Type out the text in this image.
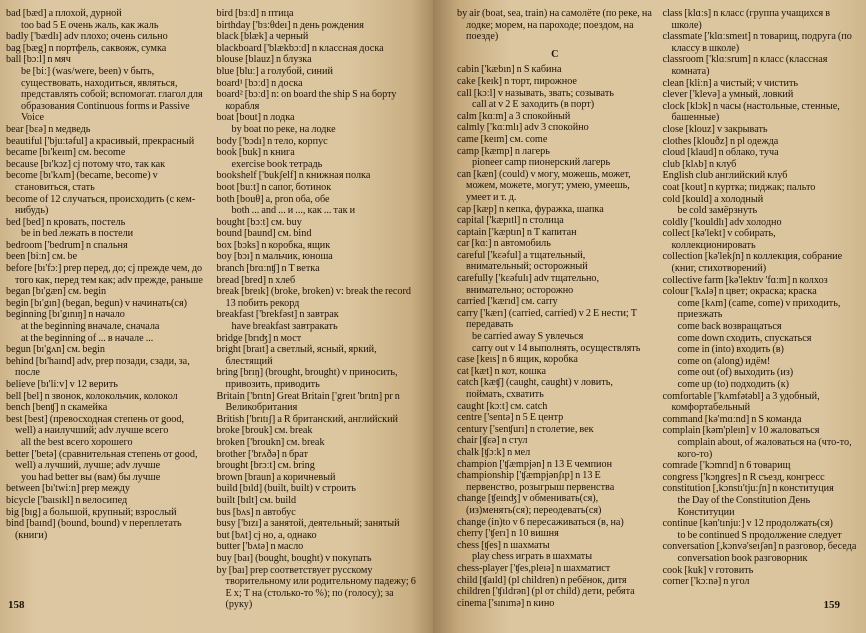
bad [bæd] a плохой, дурной

too bad 5 Е очень жаль, как жаль

badly ['bædlı] adv плохо; очень сильно

bag [bæg] n портфель, саквояж, сумка

ball [bɔːl] n мяч

be [biː] (was/were, been) v быть, существовать, находиться, являться, представлять собой; вспомогат. глагол для образования Continuous forms и Passive Voice

bear [bɛə] n медведь

beautiful ['bjuːtəful] a красивый, прекрасный

became [bı'keım] см. become

because [bı'kɔz] cj потому что, так как

become [bı'kʌm] (became, become) v становиться, стать

become of 12 случаться, происходить (с кем-нибудь)

bed [bed] n кровать, постель

be in bed лежать в постели

bedroom ['bedrum] n спальня

been [biːn] см. be

before [bı'fɔː] prep перед, до; cj прежде чем, до того как, перед тем как; adv прежде, раньше

began [bı'gæn] см. begin

begin [bı'gın] (began, begun) v начинать(ся)

beginning [bı'gınıŋ] n начало

at the beginning вначале, сначала

at the beginning of ... в начале ...

begun [bı'gʌn] см. begin

behind [bı'haınd] adv, prep позади, сзади, за, после

believe [bı'liːv] v 12 верить

bell [bel] n звонок, колокольчик, колокол

bench [benʧ] n скамейка

best [best] (превосходная степень от good, well) a наилучший; adv лучше всего

all the best всего хорошего

better ['betə] (сравнительная степень от good, well) a лучший, лучше; adv лучше

you had better вы (вам) бы лучше

between [bı'twiːn] prep между

bicycle ['baısıkl] n велосипед

big [bıg] a большой, крупный; взрослый

bind [baınd] (bound, bound) v переплетать (книги)

bird [bɜːd] n птица

birthday ['bɜːθdeı] n день рождения

black [blæk] a черный

blackboard ['blækbɔːd] n классная доска

blouse [blauz] n блузка

blue [bluː] a голубой, синий

board¹ [bɔːd] n доска

board² [bɔːd] n: on board the ship S на борту корабля

boat [bout] n лодка

by boat по реке, на лодке

body ['bɔdı] n тело, корпус

book [buk] n книга

exercise book тетрадь

bookshelf ['bukʃelf] n книжная полка

boot [buːt] n сапог, ботинок

both [bouθ] a, pron оба, обе

both ... and ... и ..., как ... так и

bought [bɔːt] см. buy

bound [baund] см. bind

box [bɔks] n коробка, ящик

boy [bɔı] n мальчик, юноша

branch [brɑːnʧ] n T ветка

bread [bred] n хлеб

break [breık] (broke, broken) v: break the record 13 побить рекорд

breakfast ['brekfəst] n завтрак

have breakfast завтракать

bridge [brıʤ] n мост

bright [braıt] a светлый, ясный, яркий, блестящий

bring [brıŋ] (brought, brought) v приносить, привозить, приводить

Britain ['brıtn] Great Britain ['greıt 'brıtn] pr n Великобритания

British ['brıtıʃ] a R британский, английский

broke [brouk] см. break

broken ['broukn] см. break

brother ['brʌðə] n брат

brought [brɔːt] см. bring

brown [braun] a коричневый

build [bıld] (built, built) v строить

built [bılt] см. build

bus [bʌs] n автобус

busy ['bızı] a занятой, деятельный; занятый

but [bʌt] cj но, а, однако

butter ['bʌtə] n масло

buy [baı] (bought, bought) v покупать

by [baı] prep соответствует русскому творительному или родительному падежу; 6 Е х; Т на (столько-то %); по (голосу); за (руку)

158

by air (boat, sea, train) на самолёте (по реке, на лодке; морем, на пароходе; поездом, на поезде)

C

cabin ['kæbın] n S кабина

cake [keık] n торт, пирожное

call [kɔːl] v называть, звать; созывать

call at v 2 Е заходить (в порт)

calm [kɑːm] a 3 спокойный

calmly ['kɑːmlı] adv 3 спокойно

came [keım] см. come

camp [kæmp] n лагерь

pioneer camp пионерский лагерь

can [kæn] (could) v могу, можешь, может, можем, можете, могут; умею, умеешь, умеет и т. д.

cap [kæp] n кепка, фуражка, шапка

capital ['kæpıtl] n столица

captain ['kæptın] n T капитан

car [kɑː] n автомобиль

careful ['kɛəful] a тщательный, внимательный; осторожный

carefully ['kɛəfulı] adv тщательно, внимательно; осторожно

carried ['kærıd] см. carry

carry ['kærı] (carried, carried) v 2 Е нести; T передавать

be carried away S увлечься

carry out v 14 выполнять, осуществлять

case [keıs] n 6 ящик, коробка

cat [kæt] n кот, кошка

catch [kæʧ] (caught, caught) v ловить, поймать, схватить

caught [kɔːt] см. catch

centre ['sentə] n 5 Е центр

century ['senʧurı] n столетие, век

chair [ʧɛə] n стул

chalk [ʧɔːk] n мел

champion ['ʧæmpjən] n 13 Е чемпион

championship ['ʧæmpjənʃıp] n 13 Е первенство, розыгрыш первенства

change [ʧeınʤ] v обменивать(ся), (из)менять(ся); переодевать(ся)

change (in)to v 6 пересаживаться (в, на)

cherry ['ʧerı] n 10 вишня

chess [ʧes] n шахматы

play chess играть в шахматы

chess-player ['ʧes,pleıə] n шахматист

child [ʧaıld] (pl children) n ребёнок, дитя

children ['ʧıldrən] (pl от child) дети, ребята

cinema ['sınımə] n кино

class [klɑːs] n класс (группа учащихся в школе)

classmate ['klɑːsmeıt] n товарищ, подруга (по классу в школе)

classroom ['klɑːsrum] n класс (классная комната)

clean [kliːn] a чистый; v чистить

clever ['klevə] a умный, ловкий

clock [klɔk] n часы (настольные, стенные, башенные)

close [klouz] v закрывать

clothes [klouðz] n pl одежда

cloud [klaud] n облако, туча

club [klʌb] n клуб

English club английский клуб

coat [kout] n куртка; пиджак; пальто

cold [kould] a холодный

be cold замёрзнуть

coldly ['kouldlı] adv холодно

collect [kə'lekt] v собирать, коллекционировать

collection [kə'lekʃn] n коллекция, собрание (книг, стихотворений)

collective farm [kə'lektıv 'fɑːm] n колхоз

colour ['kʌlə] n цвет; окраска; краска

come [kʌm] (came, come) v приходить, приезжать

come back возвращаться

come down сходить, спускаться

come in (into) входить (в)

come on (along) идём!

come out (of) выходить (из)

come up (to) подходить (к)

comfortable ['kʌmfətəbl] a 3 удобный, комфортабельный

command [kə'mɑːnd] n S команда

complain [kəm'pleın] v 10 жаловаться

complain about, of жаловаться на (что-то, кого-то)

comrade ['kɔmrıd] n 6 товарищ

congress ['kɔŋgres] n R съезд, конгресс

constitution [,kɔnstı'tjuːʃn] n конституция

the Day of the Constitution День Конституции

continue [kən'tınjuː] v 12 продолжать(ся)

to be continued S продолжение следует

conversation [,kɔnvə'seıʃən] n разговор, беседа

conversation book разговорник

cook [kuk] v готовить

corner ['kɔːnə] n угол

159
